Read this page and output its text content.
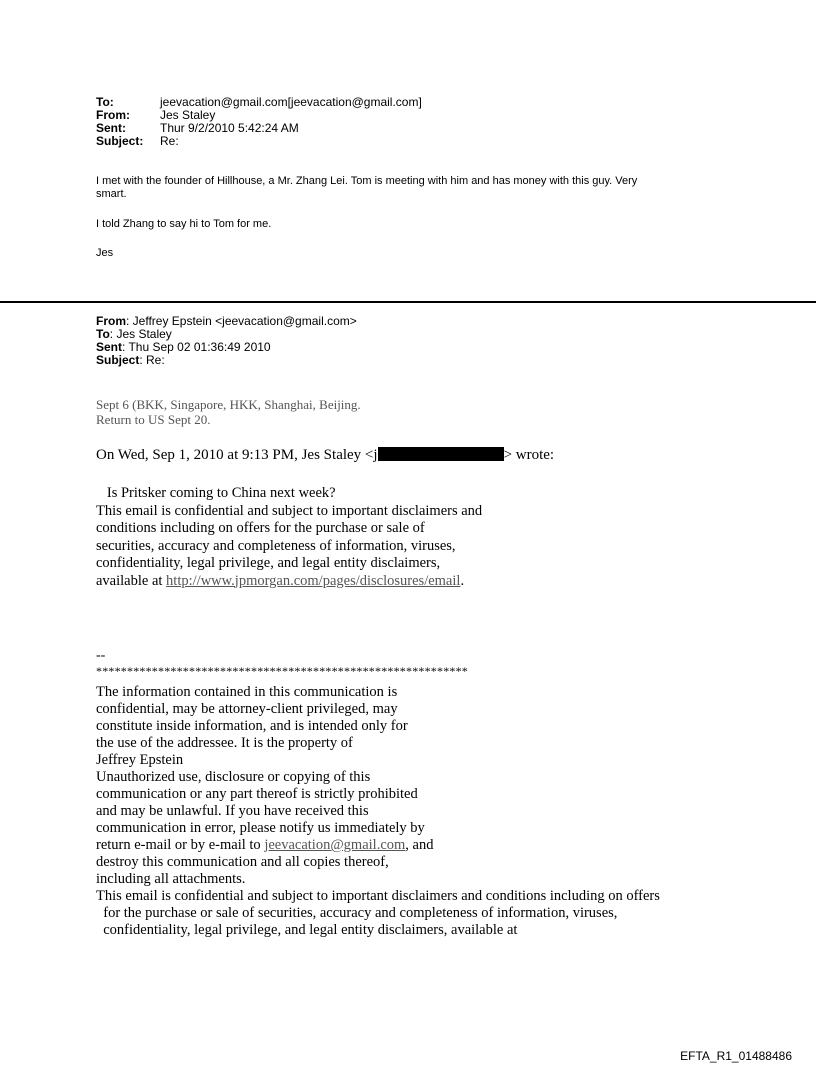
To:	jeevacation@gmail.com[jeevacation@gmail.com]
From:	Jes Staley
Sent:	Thur 9/2/2010 5:42:24 AM
Subject:	Re:
I met with the founder of Hillhouse, a Mr. Zhang Lei. Tom is meeting with him and has money with this guy. Very
smart.
I told Zhang to say hi to Tom for me.
Jes
From: Jeffrey Epstein <jeevacation@gmail.com>
To: Jes Staley
Sent: Thu Sep 02 01:36:49 2010
Subject: Re:
Sept 6 (BKK, Singapore, HKK, Shanghai, Beijing.
Return to US Sept 20.
On Wed, Sep 1, 2010 at 9:13 PM, Jes Staley <j	> wrote:
Is Pritsker coming to China next week?
This email is confidential and subject to important disclaimers and
conditions including on offers for the purchase or sale of
securities, accuracy and completeness of information, viruses,
confidentiality, legal privilege, and legal entity disclaimers,
available at http://www.jpmorgan.com/pages/disclosures/email.
--
************************************************************
The information contained in this communication is
confidential, may be attorney-client privileged, may
constitute inside information, and is intended only for
the use of the addressee. It is the property of
Jeffrey Epstein
Unauthorized use, disclosure or copying of this
communication or any part thereof is strictly prohibited
and may be unlawful. If you have received this
communication in error, please notify us immediately by
return e-mail or by e-mail to jeevacation@gmail.com, and
destroy this communication and all copies thereof,
including all attachments.
This email is confidential and subject to important disclaimers and conditions including on offers
for the purchase or sale of securities, accuracy and completeness of information, viruses,
confidentiality, legal privilege, and legal entity disclaimers, available at
EFTA_R1_01488486
